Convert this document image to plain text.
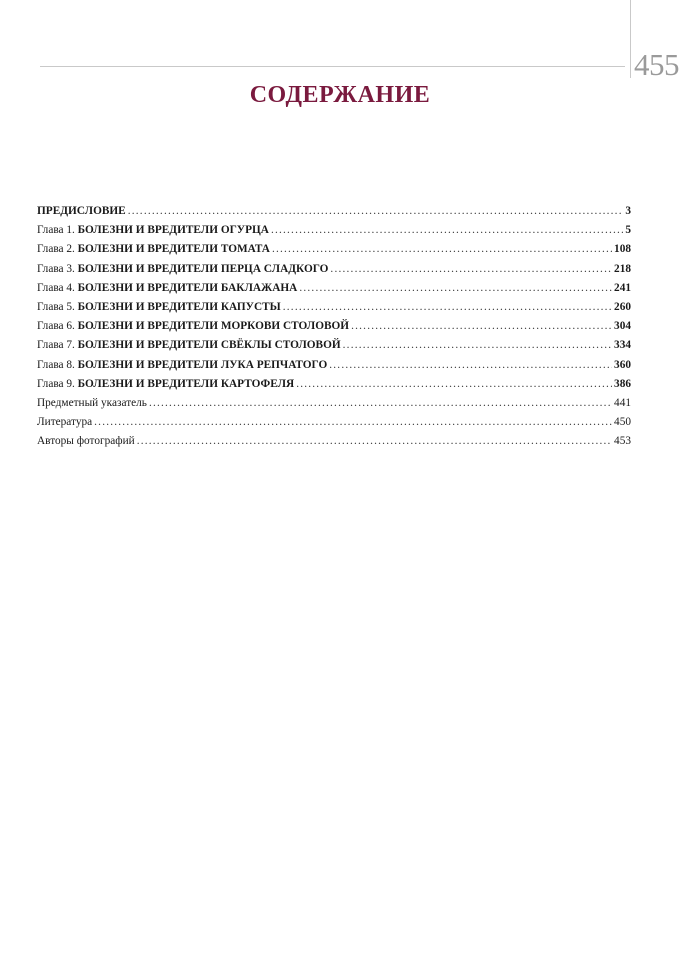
455
СОДЕРЖАНИЕ
ПРЕДИСЛОВИЕ .....	3
Глава 1. БОЛЕЗНИ И ВРЕДИТЕЛИ ОГУРЦА .....	5
Глава 2. БОЛЕЗНИ И ВРЕДИТЕЛИ ТОМАТА .....	108
Глава 3. БОЛЕЗНИ И ВРЕДИТЕЛИ ПЕРЦА СЛАДКОГО .....	218
Глава 4. БОЛЕЗНИ И ВРЕДИТЕЛИ БАКЛАЖАНА .....	241
Глава 5. БОЛЕЗНИ И ВРЕДИТЕЛИ КАПУСТЫ .....	260
Глава 6. БОЛЕЗНИ И ВРЕДИТЕЛИ МОРКОВИ СТОЛОВОЙ .....	304
Глава 7. БОЛЕЗНИ И ВРЕДИТЕЛИ СВЁКЛЫ СТОЛОВОЙ .....	334
Глава 8. БОЛЕЗНИ И ВРЕДИТЕЛИ ЛУКА РЕПЧАТОГО .....	360
Глава 9. БОЛЕЗНИ И ВРЕДИТЕЛИ КАРТОФЕЛЯ .....	386
Предметный указатель .....	441
Литература .....	450
Авторы фотографий .....	453
